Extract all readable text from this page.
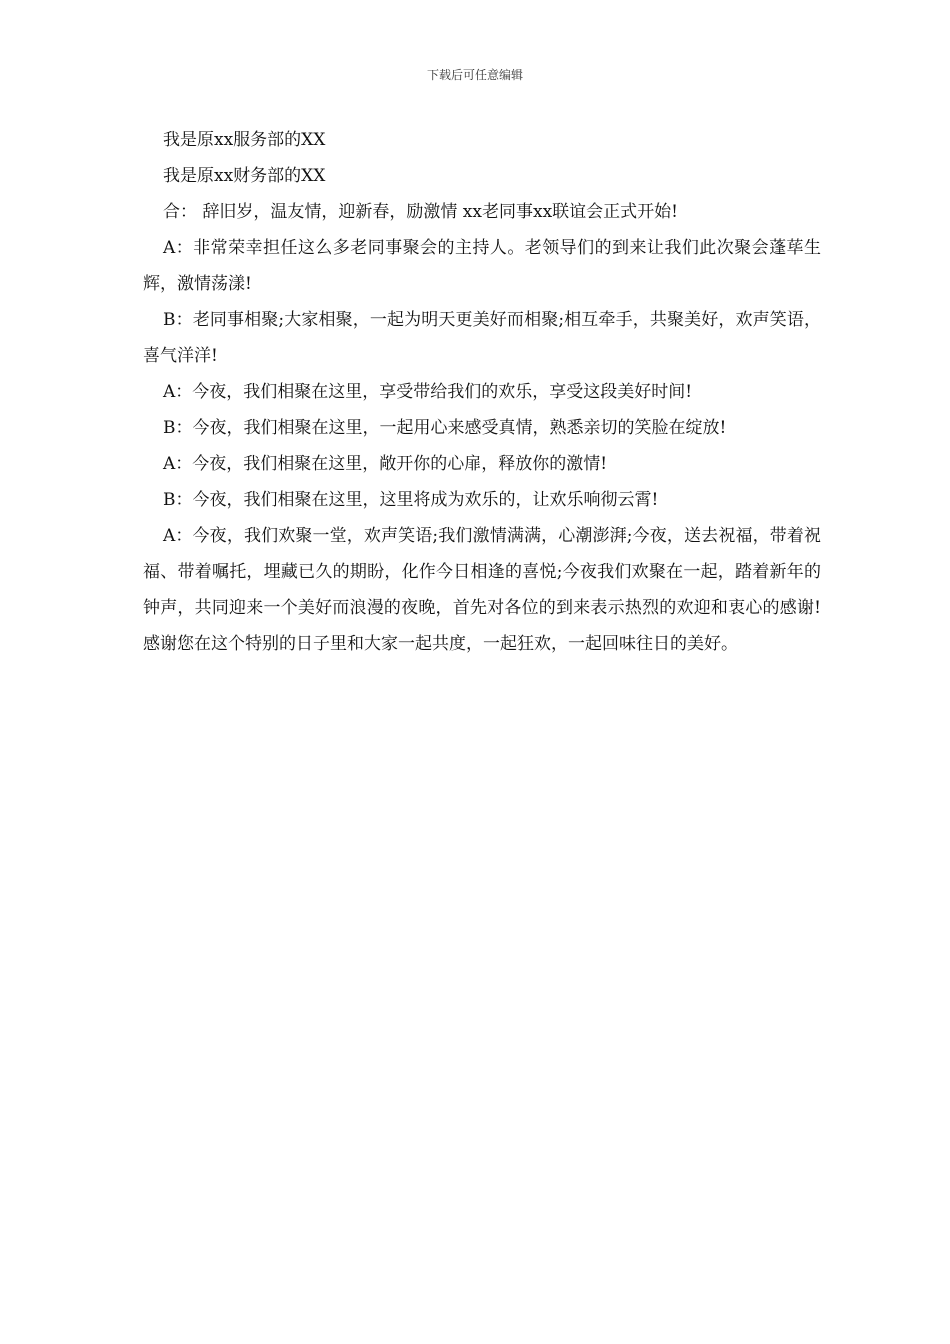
下载后可任意编辑

我是原xx服务部的XX

我是原xx财务部的XX

合： 辞旧岁，温友情，迎新春，励激情 xx老同事xx联谊会正式开始!

A：非常荣幸担任这么多老同事聚会的主持人。老领导们的到来让我们此次聚会蓬荜生辉，激情荡漾!

B：老同事相聚;大家相聚，一起为明天更美好而相聚;相互牵手，共聚美好，欢声笑语，喜气洋洋!

A：今夜，我们相聚在这里，享受带给我们的欢乐，享受这段美好时间!

B：今夜，我们相聚在这里，一起用心来感受真情，熟悉亲切的笑脸在绽放!

A：今夜，我们相聚在这里，敞开你的心扉，释放你的激情!

B：今夜，我们相聚在这里，这里将成为欢乐的，让欢乐响彻云霄!

A：今夜，我们欢聚一堂，欢声笑语;我们激情满满，心潮澎湃;今夜，送去祝福，带着祝福、带着嘱托，埋藏已久的期盼，化作今日相逢的喜悦;今夜我们欢聚在一起，踏着新年的钟声，共同迎来一个美好而浪漫的夜晚，首先对各位的到来表示热烈的欢迎和衷心的感谢!感谢您在这个特别的日子里和大家一起共度，一起狂欢，一起回味往日的美好。
